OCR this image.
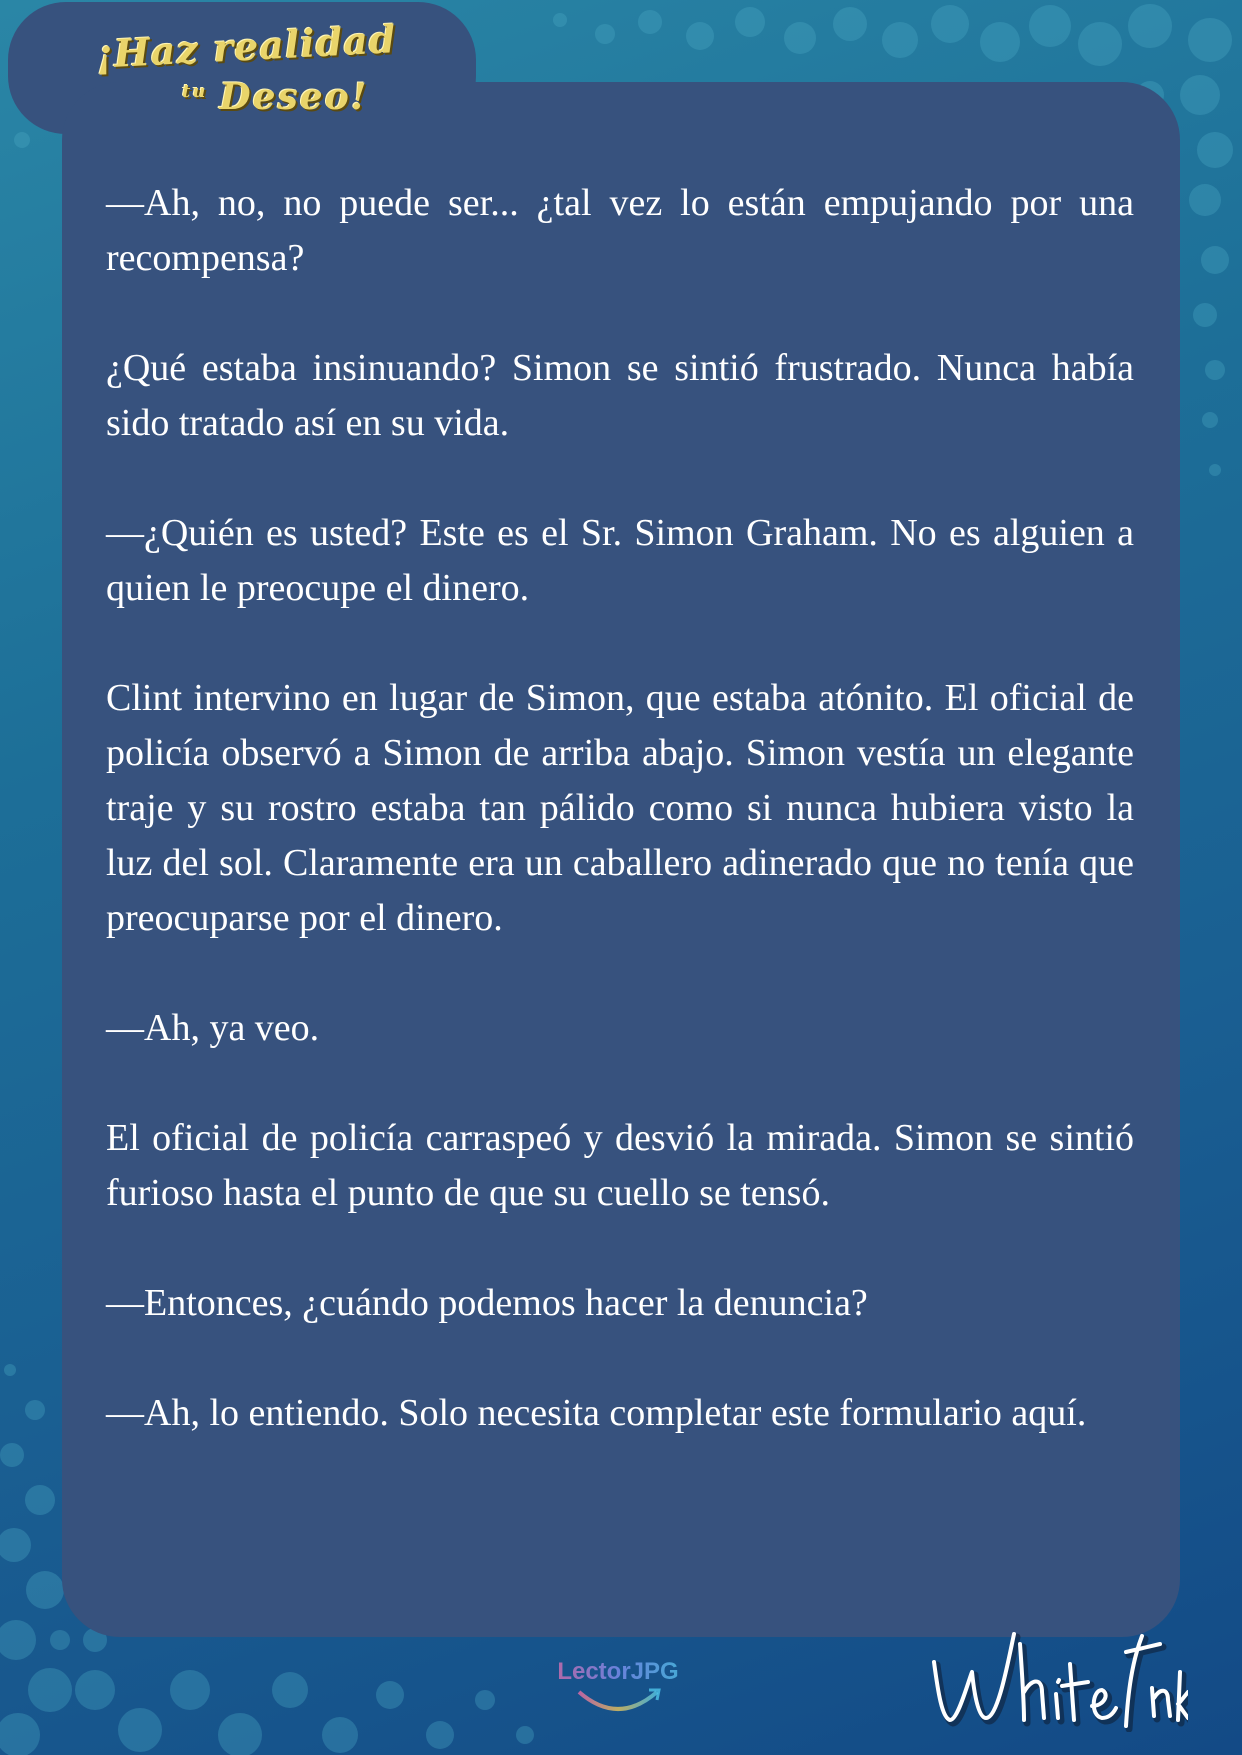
¡Haz realidad
$^{tu}$ Deseo!

—Ah, no, no puede ser... ¿tal vez lo están empujando por una recompensa?

¿Qué estaba insinuando? Simon se sintió frustrado. Nunca había sido tratado así en su vida.

—¿Quién es usted? Este es el Sr. Simon Graham. No es alguien a quien le preocupe el dinero.

Clint intervino en lugar de Simon, que estaba atónito. El oficial de policía observó a Simon de arriba abajo. Simon vestía un elegante traje y su rostro estaba tan pálido como si nunca hubiera visto la luz del sol. Claramente era un caballero adinerado que no tenía que preocuparse por el dinero.

—Ah, ya veo.

El oficial de policía carraspeó y desvió la mirada. Simon se sintió furioso hasta el punto de que su cuello se tensó.

—Entonces, ¿cuándo podemos hacer la denuncia?

—Ah, lo entiendo. Solo necesita completar este formulario aquí.

LectorJPG
